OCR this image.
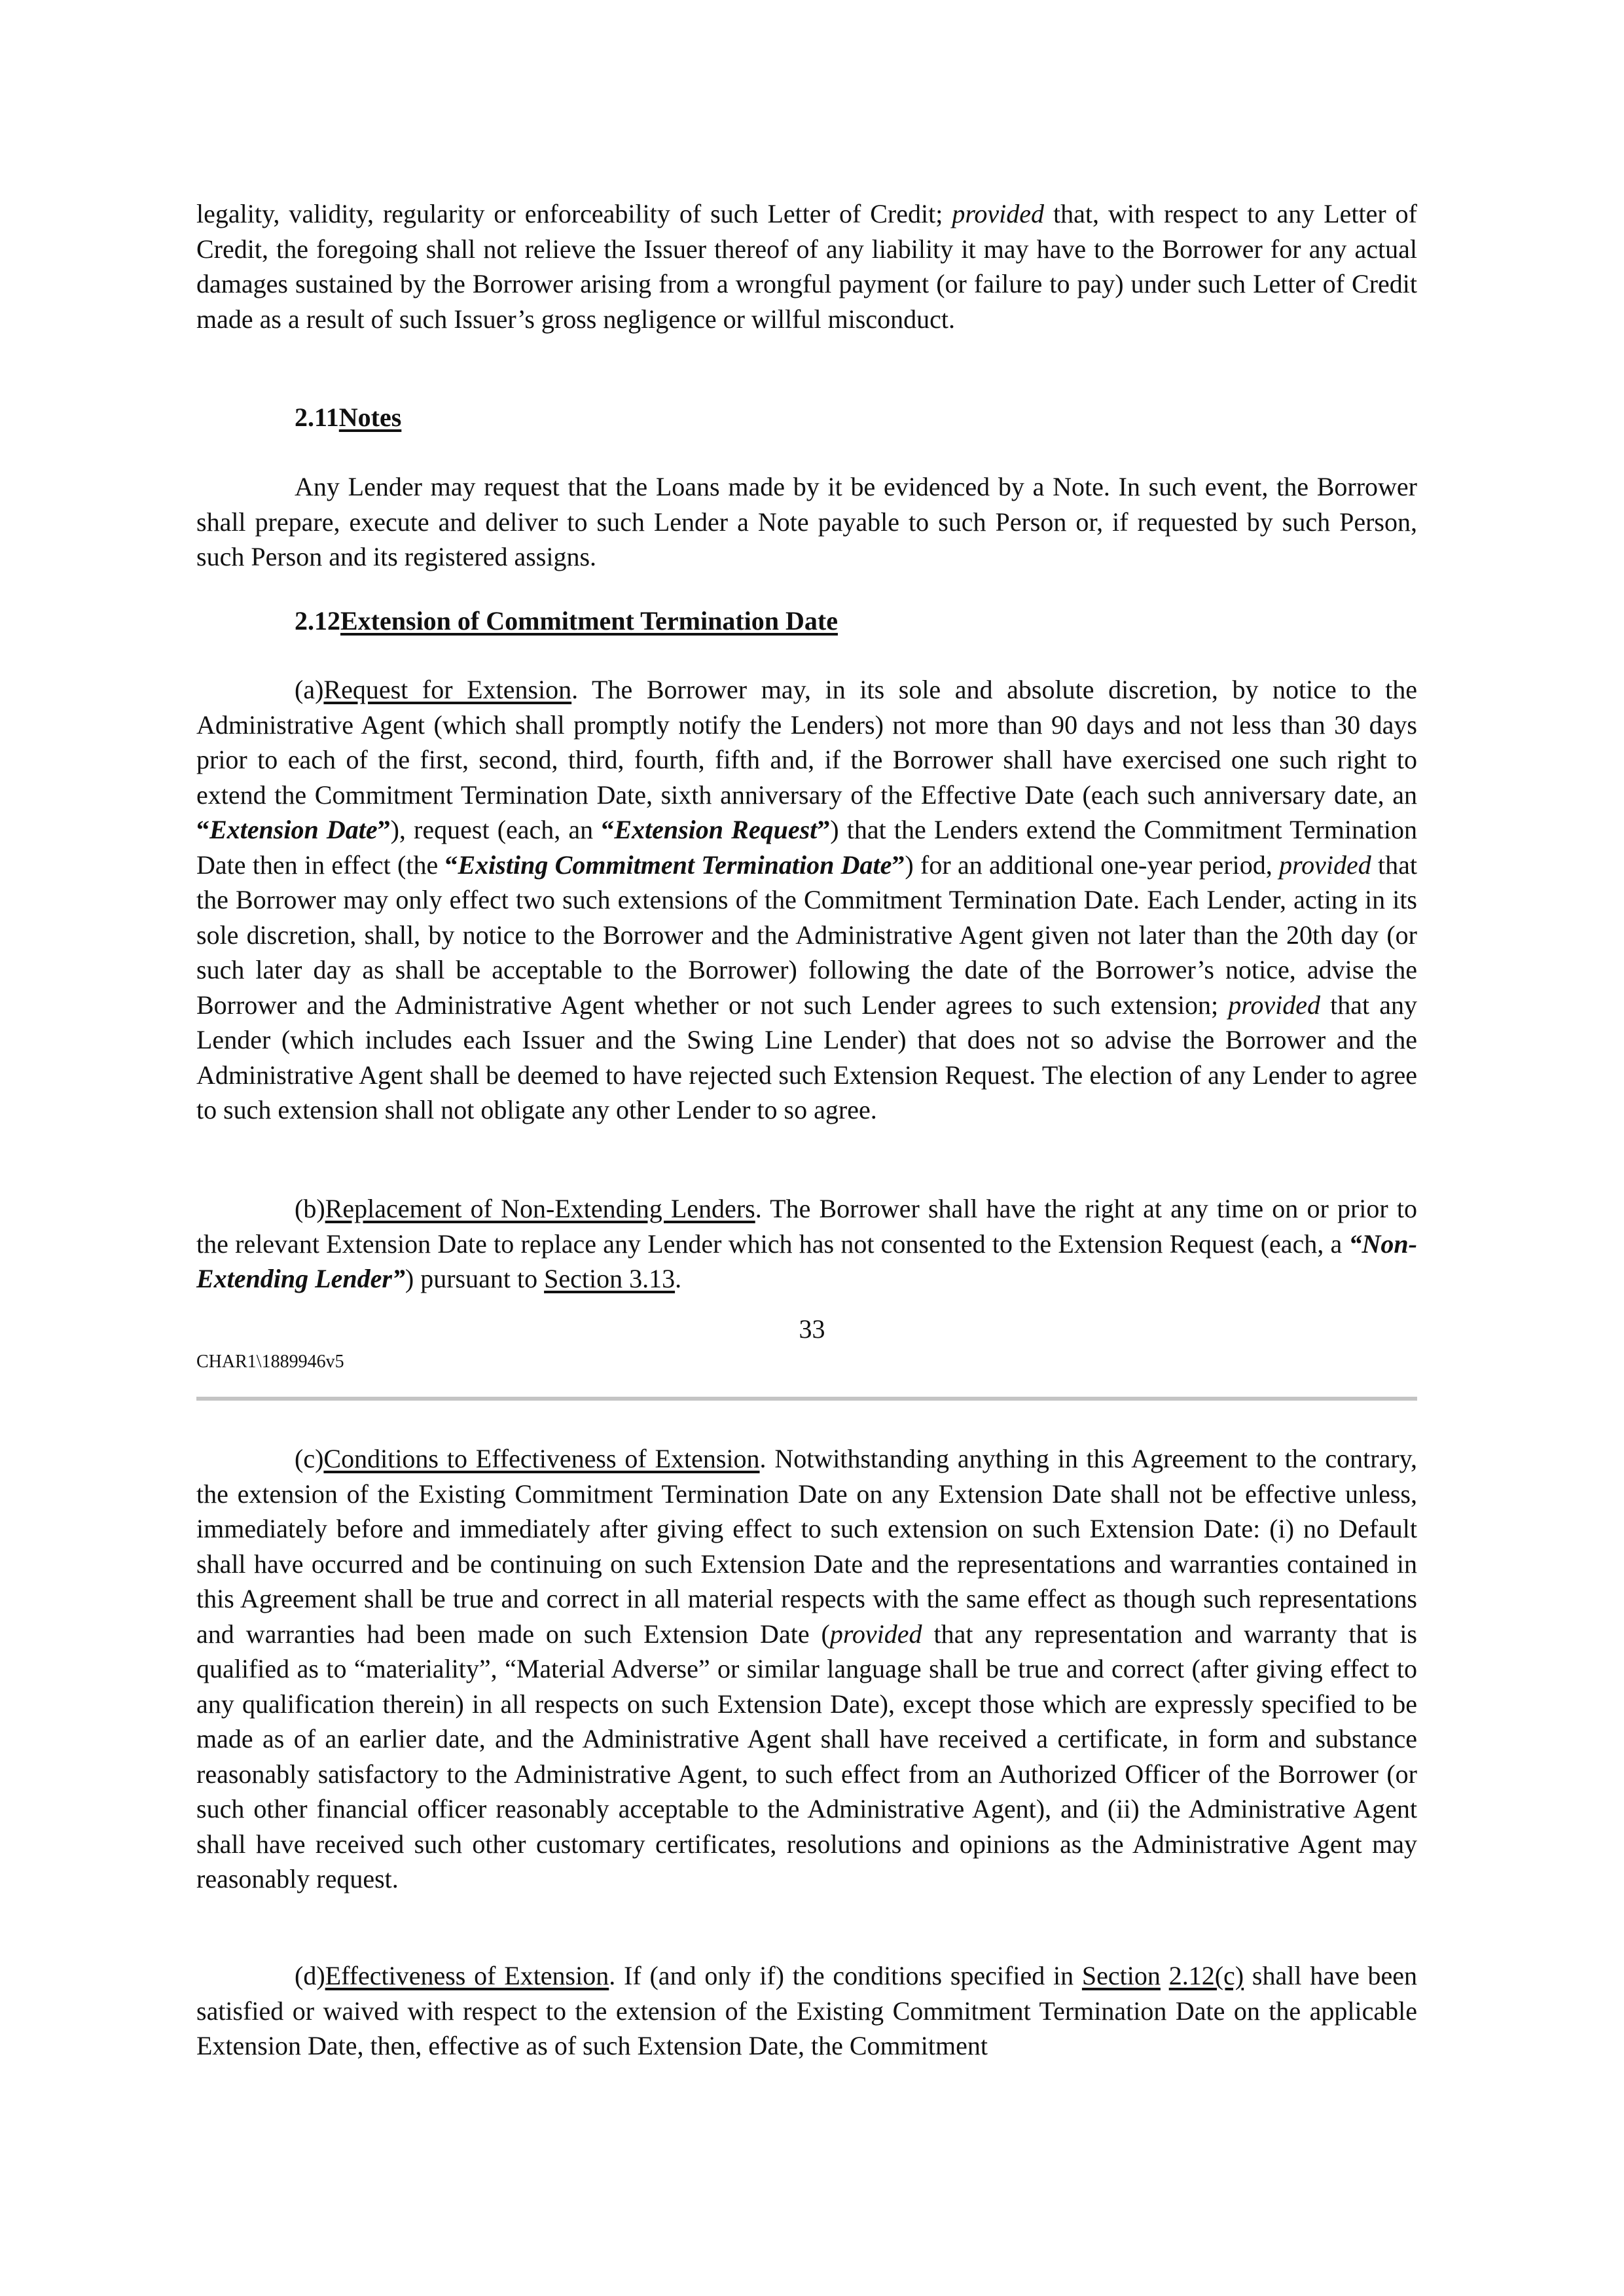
legality, validity, regularity or enforceability of such Letter of Credit; provided that, with respect to any Letter of Credit, the foregoing shall not relieve the Issuer thereof of any liability it may have to the Borrower for any actual damages sustained by the Borrower arising from a wrongful payment (or failure to pay) under such Letter of Credit made as a result of such Issuer’s gross negligence or willful misconduct.

2.11Notes

Any Lender may request that the Loans made by it be evidenced by a Note. In such event, the Borrower shall prepare, execute and deliver to such Lender a Note payable to such Person or, if requested by such Person, such Person and its registered assigns.

2.12Extension of Commitment Termination Date

(a)Request for Extension. The Borrower may, in its sole and absolute discretion, by notice to the Administrative Agent (which shall promptly notify the Lenders) not more than 90 days and not less than 30 days prior to each of the first, second, third, fourth, fifth and, if the Borrower shall have exercised one such right to extend the Commitment Termination Date, sixth anniversary of the Effective Date (each such anniversary date, an “Extension Date”), request (each, an “Extension Request”) that the Lenders extend the Commitment Termination Date then in effect (the “Existing Commitment Termination Date”) for an additional one-year period, provided that the Borrower may only effect two such extensions of the Commitment Termination Date. Each Lender, acting in its sole discretion, shall, by notice to the Borrower and the Administrative Agent given not later than the 20th day (or such later day as shall be acceptable to the Borrower) following the date of the Borrower’s notice, advise the Borrower and the Administrative Agent whether or not such Lender agrees to such extension; provided that any Lender (which includes each Issuer and the Swing Line Lender) that does not so advise the Borrower and the Administrative Agent shall be deemed to have rejected such Extension Request. The election of any Lender to agree to such extension shall not obligate any other Lender to so agree.

(b)Replacement of Non-Extending Lenders. The Borrower shall have the right at any time on or prior to the relevant Extension Date to replace any Lender which has not consented to the Extension Request (each, a “Non-Extending Lender”) pursuant to Section 3.13.

33
CHAR1\1889946v5

(c)Conditions to Effectiveness of Extension. Notwithstanding anything in this Agreement to the contrary, the extension of the Existing Commitment Termination Date on any Extension Date shall not be effective unless, immediately before and immediately after giving effect to such extension on such Extension Date: (i) no Default shall have occurred and be continuing on such Extension Date and the representations and warranties contained in this Agreement shall be true and correct in all material respects with the same effect as though such representations and warranties had been made on such Extension Date (provided that any representation and warranty that is qualified as to “materiality”, “Material Adverse” or similar language shall be true and correct (after giving effect to any qualification therein) in all respects on such Extension Date), except those which are expressly specified to be made as of an earlier date, and the Administrative Agent shall have received a certificate, in form and substance reasonably satisfactory to the Administrative Agent, to such effect from an Authorized Officer of the Borrower (or such other financial officer reasonably acceptable to the Administrative Agent), and (ii) the Administrative Agent shall have received such other customary certificates, resolutions and opinions as the Administrative Agent may reasonably request.

(d)Effectiveness of Extension. If (and only if) the conditions specified in Section 2.12(c) shall have been satisfied or waived with respect to the extension of the Existing Commitment Termination Date on the applicable Extension Date, then, effective as of such Extension Date, the Commitment
